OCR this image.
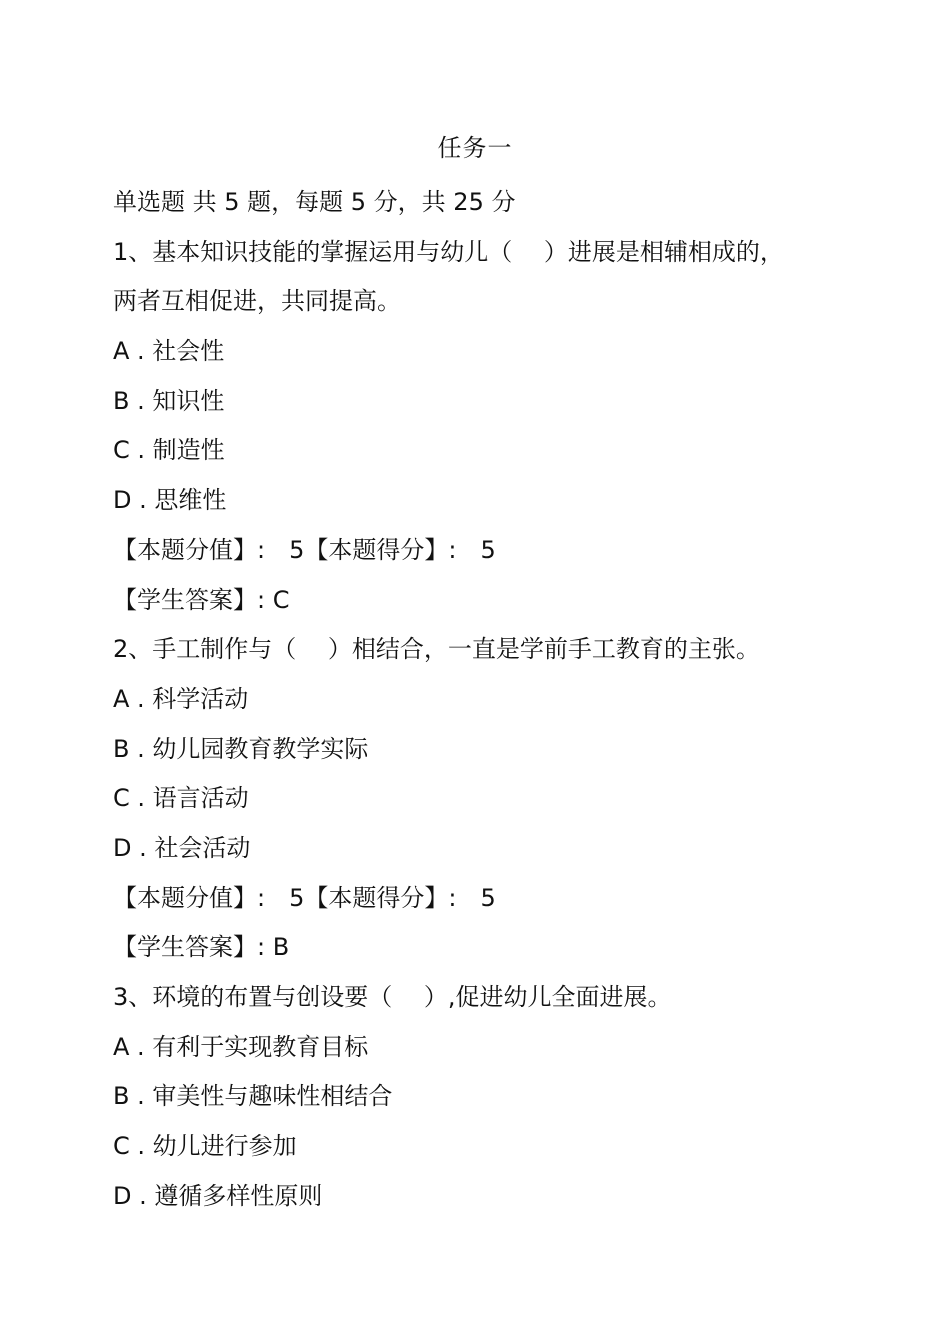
任务一
单选题 共 5 题，每题 5 分，共 25 分
1、基本知识技能的掌握运用与幼儿（　 ）进展是相辅相成的，
两者互相促进，共同提高。
A . 社会性
B . 知识性
C . 制造性
D . 思维性
【本题分值】:　5【本题得分】:　5
【学生答案】: C
2、手工制作与（　 ）相结合，一直是学前手工教育的主张。
A . 科学活动
B . 幼儿园教育教学实际
C . 语言活动
D . 社会活动
【本题分值】:　5【本题得分】:　5
【学生答案】: B
3、环境的布置与创设要（　 ）,促进幼儿全面进展。
A . 有利于实现教育目标
B . 审美性与趣味性相结合
C . 幼儿进行参加
D . 遵循多样性原则
